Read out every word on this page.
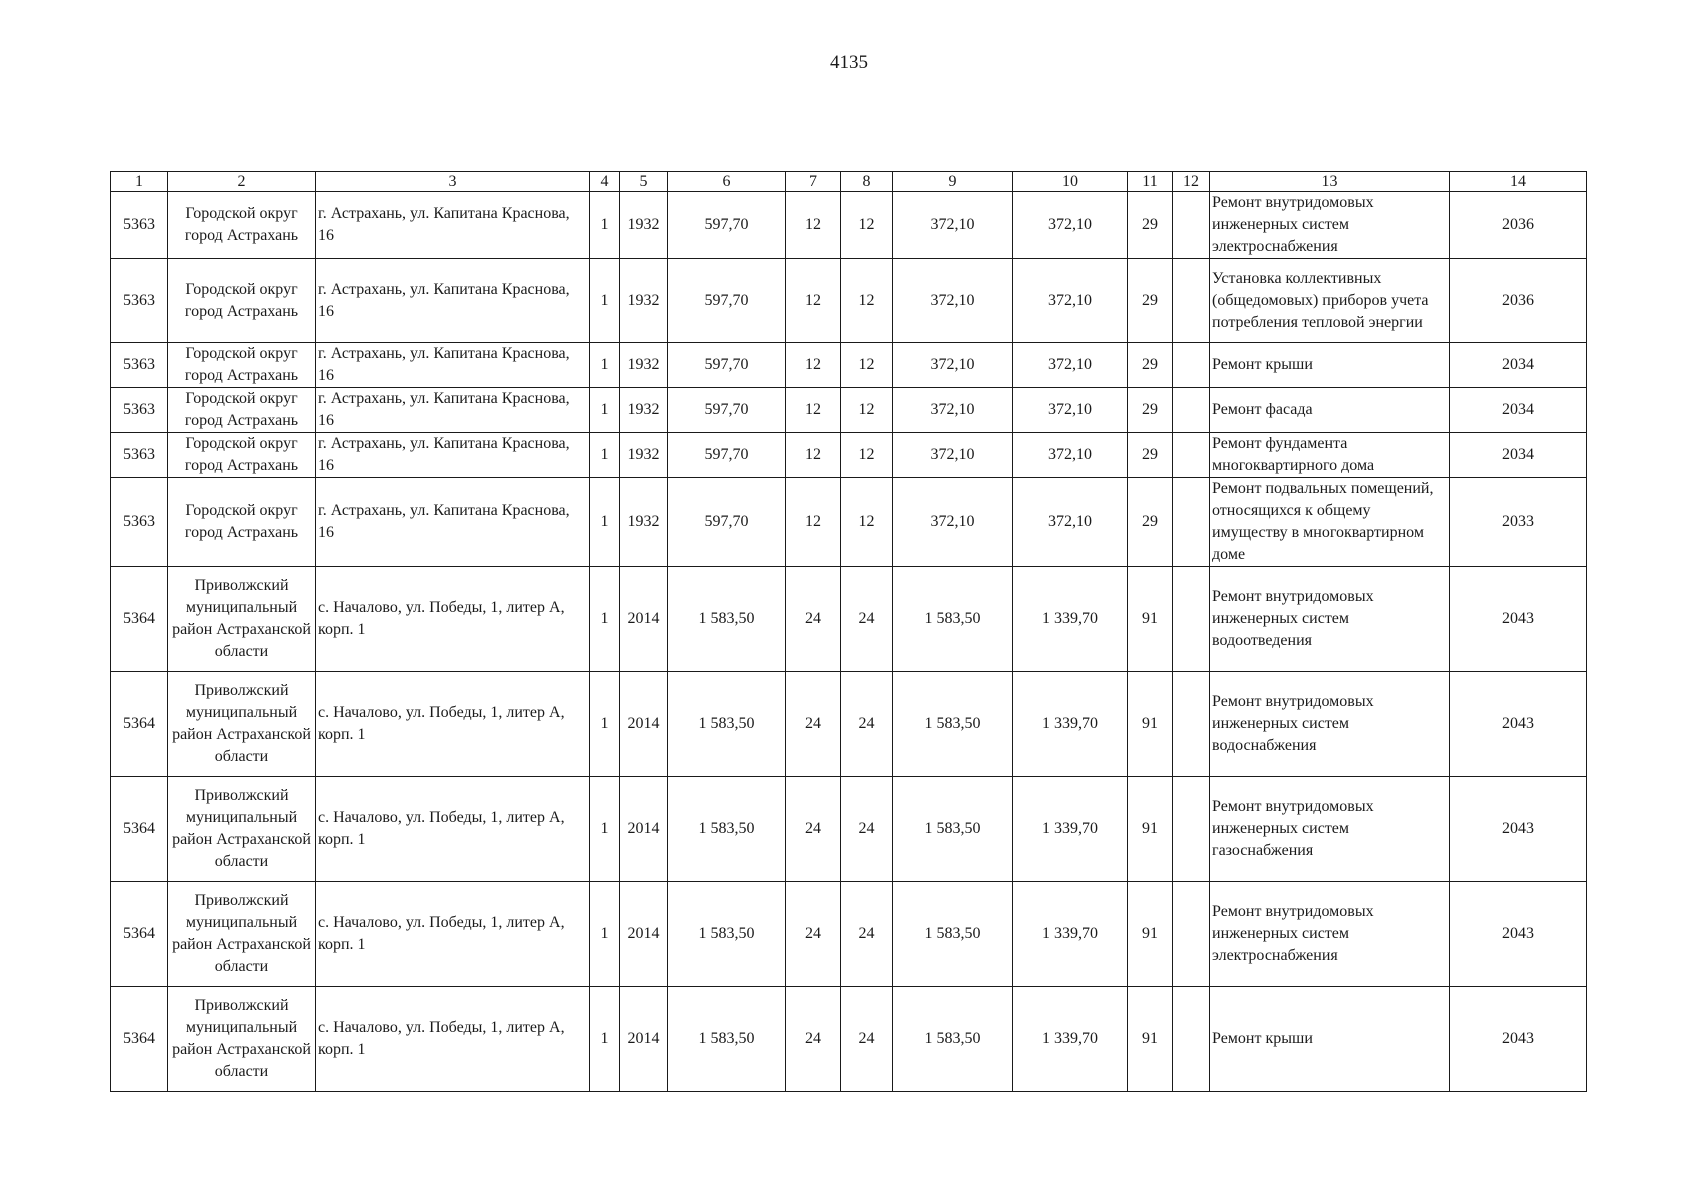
4135
1	2	3	4	5	6	7	8	9	10	11	12	13	14
5363	Городской округ город Астрахань	г. Астрахань, ул. Капитана Краснова, 16	1	1932	597,70	12	12	372,10	372,10	29		Ремонт внутридомовых инженерных систем электроснабжения	2036
5363	Городской округ город Астрахань	г. Астрахань, ул. Капитана Краснова, 16	1	1932	597,70	12	12	372,10	372,10	29		Установка коллективных (общедомовых) приборов учета потребления тепловой энергии	2036
5363	Городской округ город Астрахань	г. Астрахань, ул. Капитана Краснова, 16	1	1932	597,70	12	12	372,10	372,10	29		Ремонт крыши	2034
5363	Городской округ город Астрахань	г. Астрахань, ул. Капитана Краснова, 16	1	1932	597,70	12	12	372,10	372,10	29		Ремонт фасада	2034
5363	Городской округ город Астрахань	г. Астрахань, ул. Капитана Краснова, 16	1	1932	597,70	12	12	372,10	372,10	29		Ремонт фундамента многоквартирного дома	2034
5363	Городской округ город Астрахань	г. Астрахань, ул. Капитана Краснова, 16	1	1932	597,70	12	12	372,10	372,10	29		Ремонт подвальных помещений, относящихся к общему имуществу в многоквартирном доме	2033
5364	Приволжский муниципальный район Астраханской области	с. Началово, ул. Победы, 1, литер А, корп. 1	1	2014	1 583,50	24	24	1 583,50	1 339,70	91		Ремонт внутридомовых инженерных систем водоотведения	2043
5364	Приволжский муниципальный район Астраханской области	с. Началово, ул. Победы, 1, литер А, корп. 1	1	2014	1 583,50	24	24	1 583,50	1 339,70	91		Ремонт внутридомовых инженерных систем водоснабжения	2043
5364	Приволжский муниципальный район Астраханской области	с. Началово, ул. Победы, 1, литер А, корп. 1	1	2014	1 583,50	24	24	1 583,50	1 339,70	91		Ремонт внутридомовых инженерных систем газоснабжения	2043
5364	Приволжский муниципальный район Астраханской области	с. Началово, ул. Победы, 1, литер А, корп. 1	1	2014	1 583,50	24	24	1 583,50	1 339,70	91		Ремонт внутридомовых инженерных систем электроснабжения	2043
5364	Приволжский муниципальный район Астраханской области	с. Началово, ул. Победы, 1, литер А, корп. 1	1	2014	1 583,50	24	24	1 583,50	1 339,70	91		Ремонт крыши	2043
